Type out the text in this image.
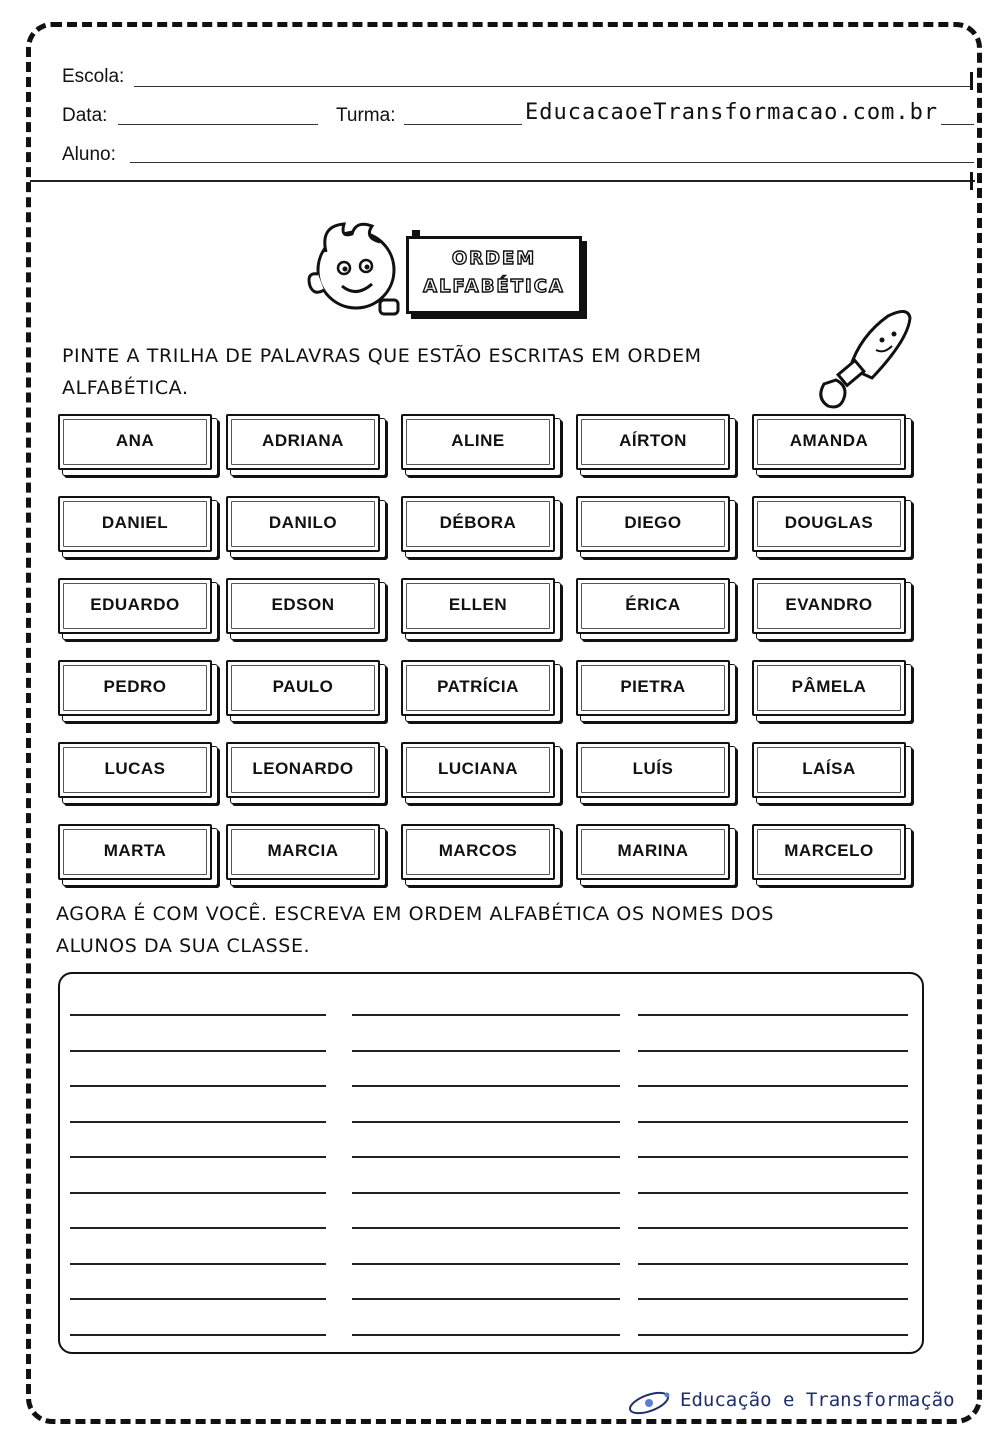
Escola:
Data:	Turma:	EducacaoeTransformacao.com.br
Aluno:
ORDEM
ALFABÉTICA
PINTE A TRILHA DE PALAVRAS QUE ESTÃO ESCRITAS EM ORDEM
ALFABÉTICA.
ANA	ADRIANA	ALINE	AÍRTON	AMANDA
DANIEL	DANILO	DÉBORA	DIEGO	DOUGLAS
EDUARDO	EDSON	ELLEN	ÉRICA	EVANDRO
PEDRO	PAULO	PATRÍCIA	PIETRA	PÂMELA
LUCAS	LEONARDO	LUCIANA	LUÍS	LAÍSA
MARTA	MARCIA	MARCOS	MARINA	MARCELO
AGORA É COM VOCÊ. ESCREVA EM ORDEM ALFABÉTICA OS NOMES DOS
ALUNOS DA SUA CLASSE.
Educação e Transformação
